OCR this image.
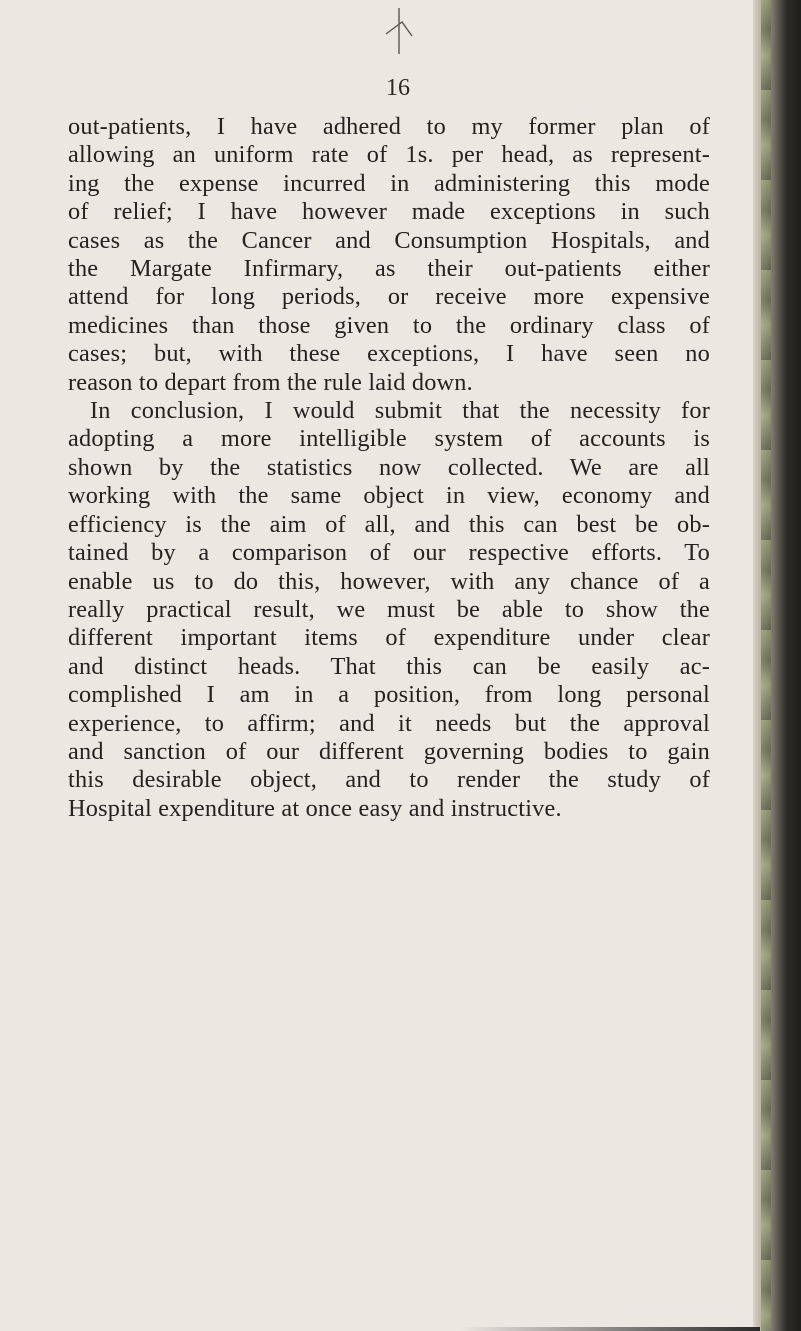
16
out-patients, I have adhered to my former plan of
allowing an uniform rate of 1s. per head, as represent-
ing the expense incurred in administering this mode
of relief; I have however made exceptions in such
cases as the Cancer and Consumption Hospitals, and
the Margate Infirmary, as their out-patients either
attend for long periods, or receive more expensive
medicines than those given to the ordinary class of
cases; but, with these exceptions, I have seen no
reason to depart from the rule laid down.
In conclusion, I would submit that the necessity for
adopting a more intelligible system of accounts is
shown by the statistics now collected. We are all
working with the same object in view, economy and
efficiency is the aim of all, and this can best be ob-
tained by a comparison of our respective efforts. To
enable us to do this, however, with any chance of a
really practical result, we must be able to show the
different important items of expenditure under clear
and distinct heads. That this can be easily ac-
complished I am in a position, from long personal
experience, to affirm; and it needs but the approval
and sanction of our different governing bodies to gain
this desirable object, and to render the study of
Hospital expenditure at once easy and instructive.
